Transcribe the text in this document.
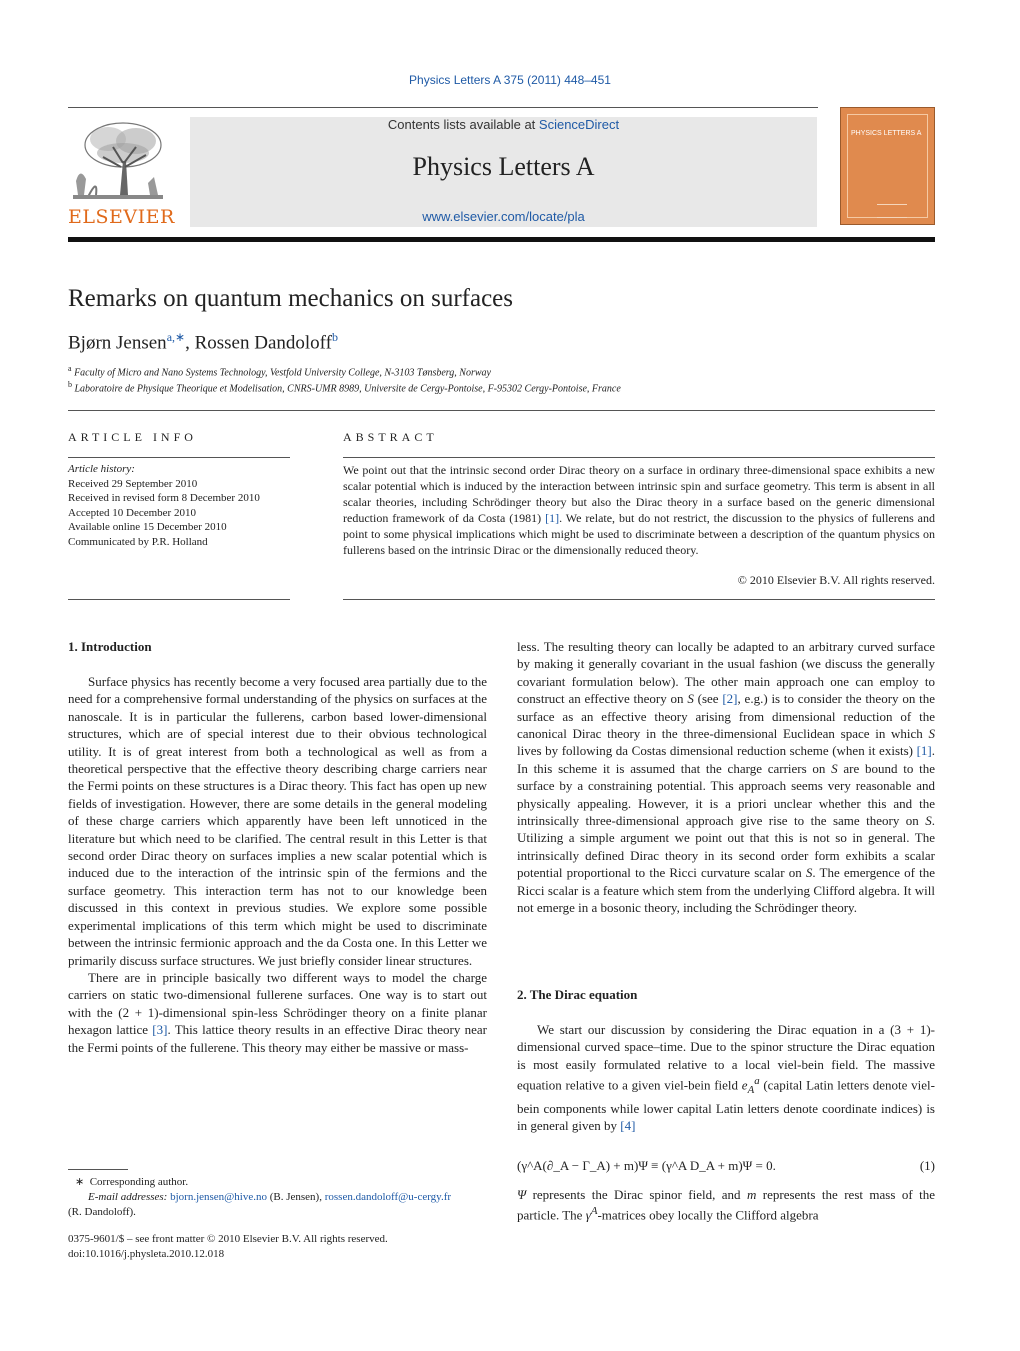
Physics Letters A 375 (2011) 448–451
ELSEVIER
Contents lists available at ScienceDirect
Physics Letters A
www.elsevier.com/locate/pla
PHYSICS LETTERS A
Remarks on quantum mechanics on surfaces
Bjørn Jensen$^{a,∗}$, Rossen Dandoloff$^b$
$^a$ Faculty of Micro and Nano Systems Technology, Vestfold University College, N-3103 Tønsberg, Norway
$^b$ Laboratoire de Physique Theorique et Modelisation, CNRS-UMR 8989, Universite de Cergy-Pontoise, F-95302 Cergy-Pontoise, France
ARTICLE INFO
Article history:
Received 29 September 2010
Received in revised form 8 December 2010
Accepted 10 December 2010
Available online 15 December 2010
Communicated by P.R. Holland
ABSTRACT
We point out that the intrinsic second order Dirac theory on a surface in ordinary three-dimensional space exhibits a new scalar potential which is induced by the interaction between intrinsic spin and surface geometry. This term is absent in all scalar theories, including Schrödinger theory but also the Dirac theory in a surface based on the generic dimensional reduction framework of da Costa (1981) [1]. We relate, but do not restrict, the discussion to the physics of fullerens and point to some physical implications which might be used to discriminate between a description of the quantum physics on fullerens based on the intrinsic Dirac or the dimensionally reduced theory.
© 2010 Elsevier B.V. All rights reserved.
1. Introduction

Surface physics has recently become a very focused area partially due to the need for a comprehensive formal understanding of the physics on surfaces at the nanoscale. It is in particular the fullerens, carbon based lower-dimensional structures, which are of special interest due to their obvious technological utility. It is of great interest from both a technological as well as from a theoretical perspective that the effective theory describing charge carriers near the Fermi points on these structures is a Dirac theory. This fact has open up new fields of investigation. However, there are some details in the general modeling of these charge carriers which apparently have been left unnoticed in the literature but which need to be clarified. The central result in this Letter is that second order Dirac theory on surfaces implies a new scalar potential which is induced due to the interaction of the intrinsic spin of the fermions and the surface geometry. This interaction term has not to our knowledge been discussed in this context in previous studies. We explore some possible experimental implications of this term which might be used to discriminate between the intrinsic fermionic approach and the da Costa one. In this Letter we primarily discuss surface structures. We just briefly consider linear structures.

There are in principle basically two different ways to model the charge carriers on static two-dimensional fullerene surfaces. One way is to start out with the (2 + 1)-dimensional spin-less Schrödinger theory on a finite planar hexagon lattice [3]. This lattice theory results in an effective Dirac theory near the Fermi points of the fullerene. This theory may either be massive or mass-

less. The resulting theory can locally be adapted to an arbitrary curved surface by making it generally covariant in the usual fashion (we discuss the generally covariant formulation below). The other main approach one can employ to construct an effective theory on S (see [2], e.g.) is to consider the theory on the surface as an effective theory arising from dimensional reduction of the canonical Dirac theory in the three-dimensional Euclidean space in which S lives by following da Costas dimensional reduction scheme (when it exists) [1]. In this scheme it is assumed that the charge carriers on S are bound to the surface by a constraining potential. This approach seems very reasonable and physically appealing. However, it is a priori unclear whether this and the intrinsically three-dimensional approach give rise to the same theory on S. Utilizing a simple argument we point out that this is not so in general. The intrinsically defined Dirac theory in its second order form exhibits a scalar potential proportional to the Ricci curvature scalar on S. The emergence of the Ricci scalar is a feature which stem from the underlying Clifford algebra. It will not emerge in a bosonic theory, including the Schrödinger theory.

2. The Dirac equation

We start our discussion by considering the Dirac equation in a (3 + 1)-dimensional curved space–time. Due to the spinor structure the Dirac equation is most easily formulated relative to a local viel-bein field. The massive equation relative to a given viel-bein field $e_A^a$ (capital Latin letters denote viel-bein components while lower capital Latin letters denote coordinate indices) is in general given by [4]

(γ^A(∂_A − Γ_A) + m)Ψ ≡ (γ^A D_A + m)Ψ = 0.	(1)

Ψ represents the Dirac spinor field, and m represents the rest mass of the particle. The $\gamma^A$-matrices obey locally the Clifford algebra

∗ Corresponding author.
E-mail addresses: bjorn.jensen@hive.no (B. Jensen), rossen.dandoloff@u-cergy.fr
(R. Dandoloff).
0375-9601/$ – see front matter © 2010 Elsevier B.V. All rights reserved.
doi:10.1016/j.physleta.2010.12.018
